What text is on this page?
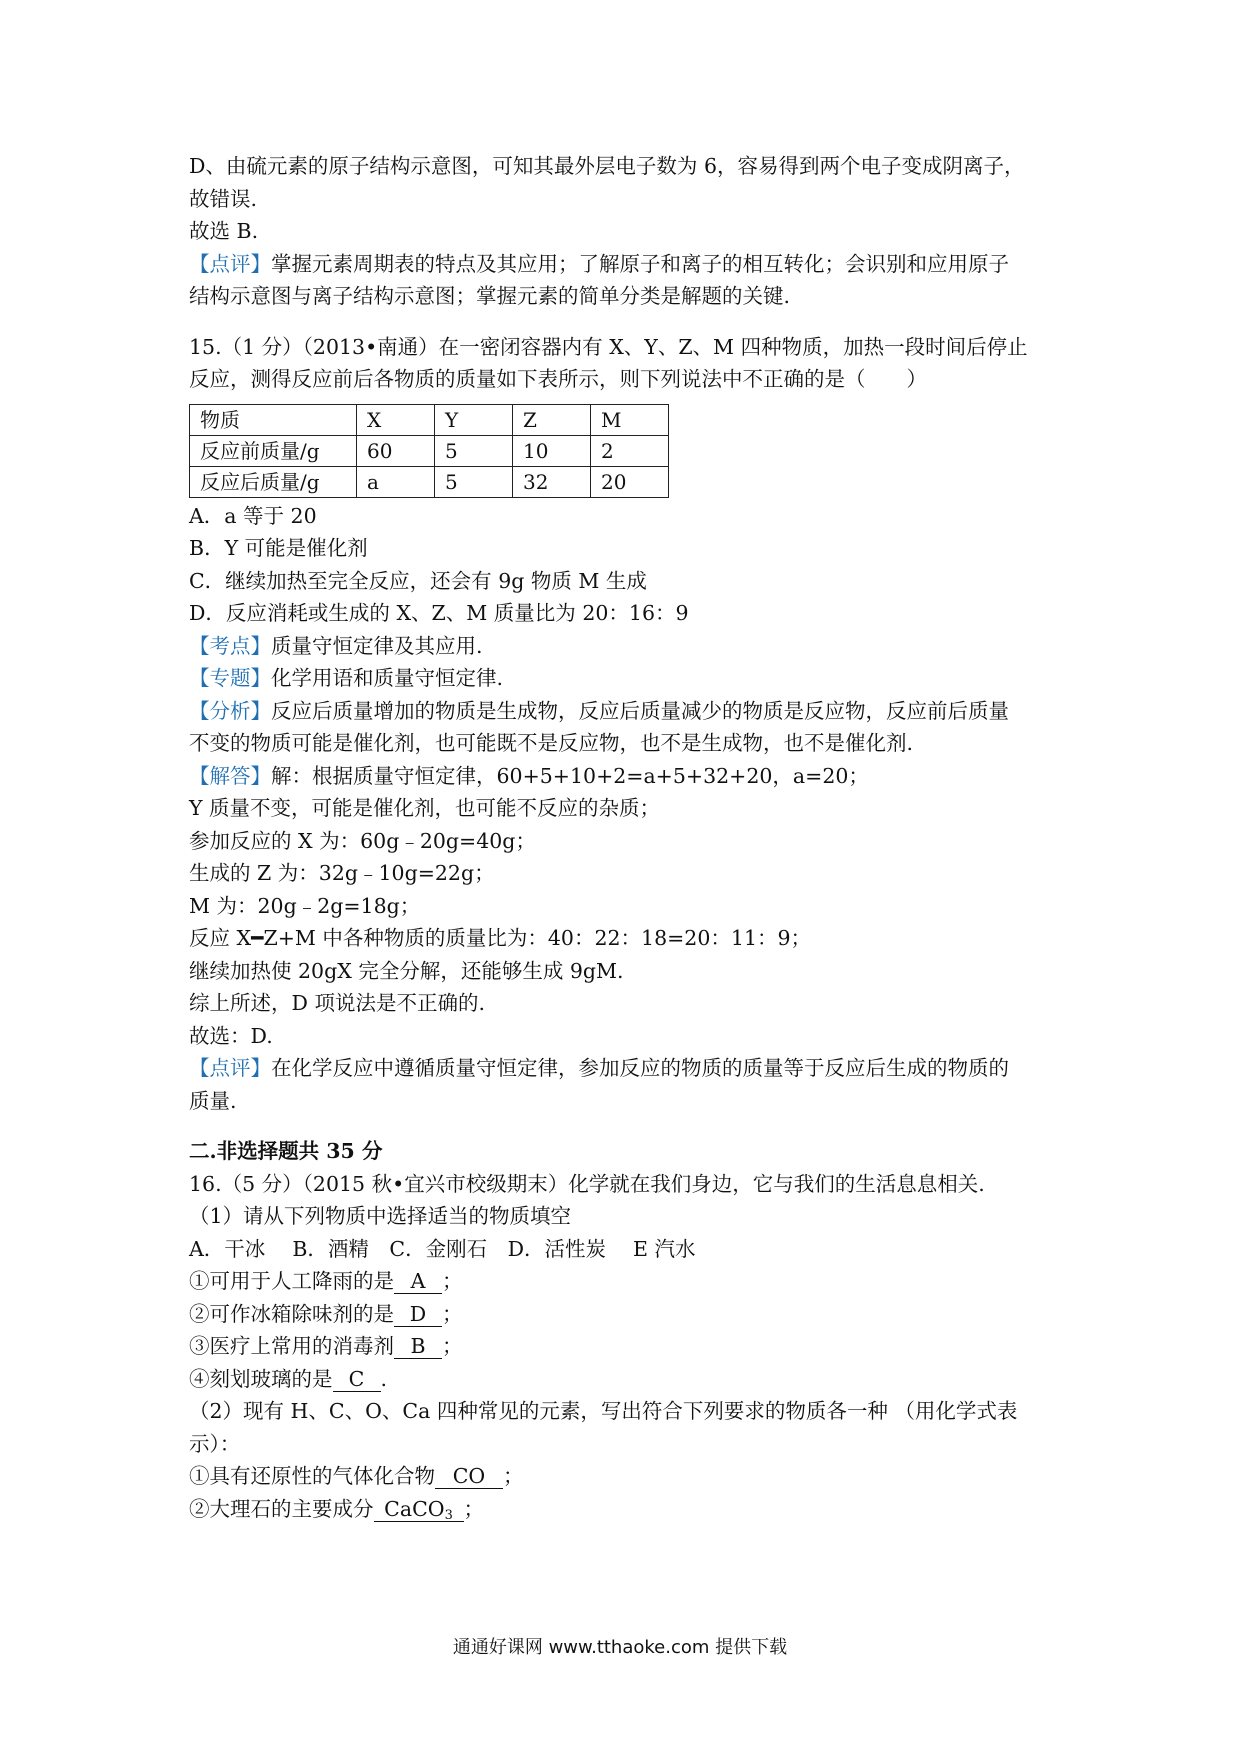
D、由硫元素的原子结构示意图，可知其最外层电子数为 6，容易得到两个电子变成阴离子，
故错误.
故选 B.
【点评】掌握元素周期表的特点及其应用；了解原子和离子的相互转化；会识别和应用原子
结构示意图与离子结构示意图；掌握元素的简单分类是解题的关键.
15.（1 分）（2013•南通）在一密闭容器内有 X、Y、Z、M 四种物质，加热一段时间后停止
反应，测得反应前后各物质的质量如下表所示，则下列说法中不正确的是（　　）
物质	X	Y	Z	M
反应前质量/g	60	5	10	2
反应后质量/g	a	5	32	20
A．a 等于 20
B．Y 可能是催化剂
C．继续加热至完全反应，还会有 9g 物质 M 生成
D．反应消耗或生成的 X、Z、M 质量比为 20：16：9
【考点】质量守恒定律及其应用.
【专题】化学用语和质量守恒定律.
【分析】反应后质量增加的物质是生成物，反应后质量减少的物质是反应物，反应前后质量
不变的物质可能是催化剂，也可能既不是反应物，也不是生成物，也不是催化剂.
【解答】解：根据质量守恒定律，60+5+10+2=a+5+32+20，a=20；
Y 质量不变，可能是催化剂，也可能不反应的杂质；
参加反应的 X 为：60g﹣20g=40g；
生成的 Z 为：32g﹣10g=22g；
M 为：20g﹣2g=18g；
反应 X━Z+M 中各种物质的质量比为：40：22：18=20：11：9；
继续加热使 20gX 完全分解，还能够生成 9gM.
综上所述，D 项说法是不正确的.
故选：D.
【点评】在化学反应中遵循质量守恒定律，参加反应的物质的质量等于反应后生成的物质的
质量.
二.非选择题共 35 分
16.（5 分）（2015 秋•宜兴市校级期末）化学就在我们身边，它与我们的生活息息相关.
（1）请从下列物质中选择适当的物质填空
A．干冰　 B．酒精　C．金刚石　D．活性炭　 E 汽水
①可用于人工降雨的是 A ；
②可作冰箱除味剂的是 D ；
③医疗上常用的消毒剂 B ；
④刻划玻璃的是 C .
（2）现有 H、C、O、Ca 四种常见的元素，写出符合下列要求的物质各一种 （用化学式表
示）：
①具有还原性的气体化合物 CO ；
②大理石的主要成分 CaCO$_3$ ；
通通好课网 www.tthaoke.com 提供下载
